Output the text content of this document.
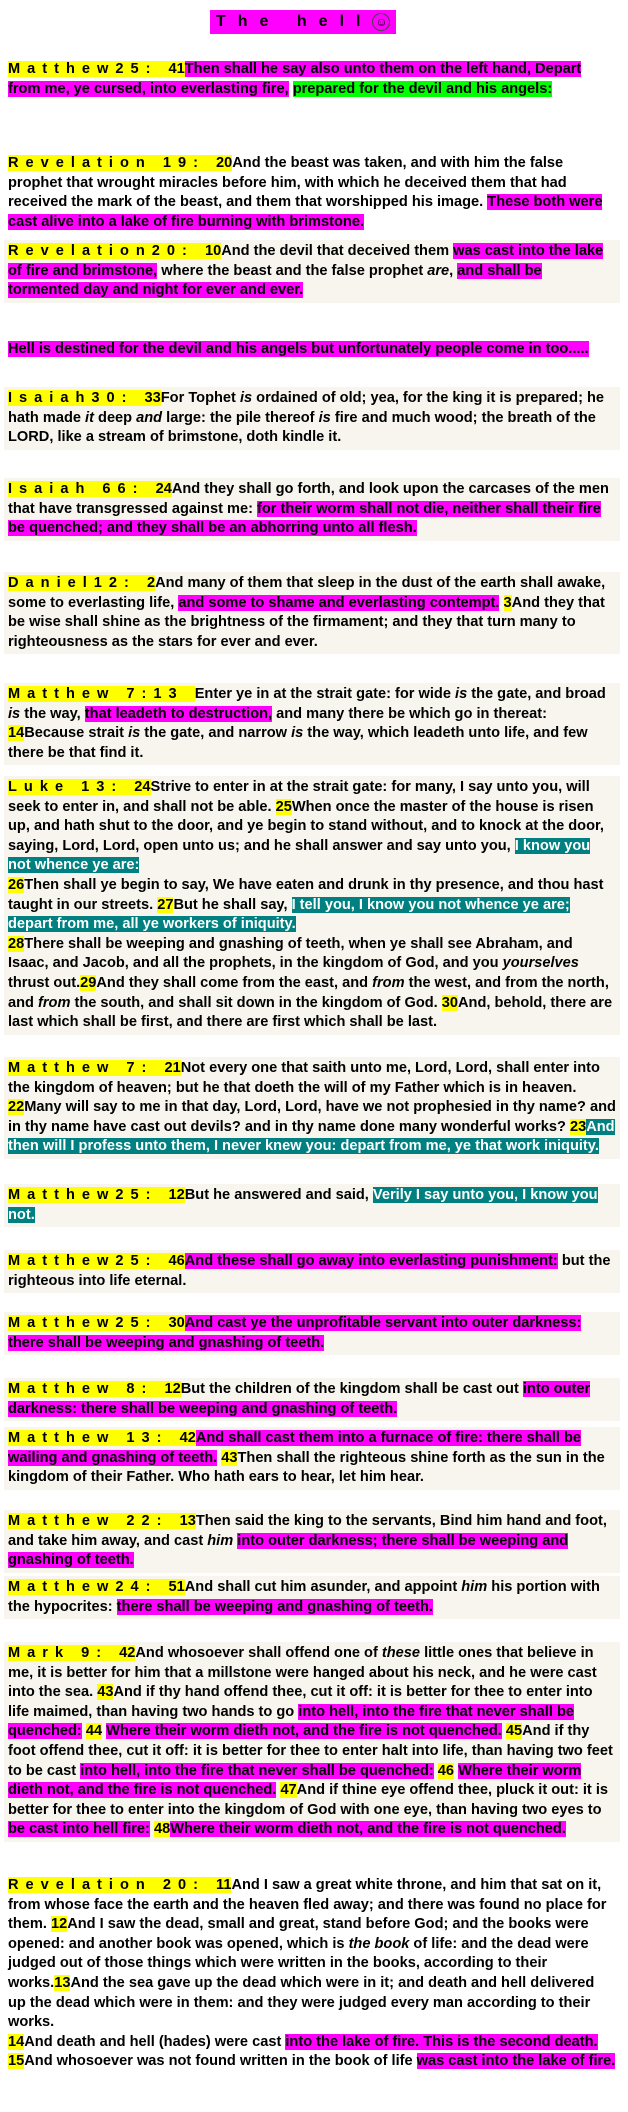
The hell ☺
Matthew25: 41Then shall he say also unto them on the left hand, Depart from me, ye cursed, into everlasting fire, prepared for the devil and his angels:
Revelation 19: 20And the beast was taken, and with him the false prophet that wrought miracles before him, with which he deceived them that had received the mark of the beast, and them that worshipped his image. These both were cast alive into a lake of fire burning with brimstone.
Revelation20: 10And the devil that deceived them was cast into the lake of fire and brimstone, where the beast and the false prophet are, and shall be tormented day and night for ever and ever.
Hell is destined for the devil and his angels but unfortunately people come in too.....
Isaiah30: 33For Tophet is ordained of old; yea, for the king it is prepared; he hath made it deep and large: the pile thereof is fire and much wood; the breath of the LORD, like a stream of brimstone, doth kindle it.
Isaiah 66: 24And they shall go forth, and look upon the carcases of the men that have transgressed against me: for their worm shall not die, neither shall their fire be quenched; and they shall be an abhorring unto all flesh.
Daniel12: 2And many of them that sleep in the dust of the earth shall awake, some to everlasting life, and some to shame and everlasting contempt. 3And they that be wise shall shine as the brightness of the firmament; and they that turn many to righteousness as the stars for ever and ever.
Matthew 7:13 Enter ye in at the strait gate: for wide is the gate, and broad is the way, that leadeth to destruction, and many there be which go in thereat: 14Because strait is the gate, and narrow is the way, which leadeth unto life, and few there be that find it.
Luke 13: 24Strive to enter in at the strait gate: for many, I say unto you, will seek to enter in, and shall not be able. 25When once the master of the house is risen up, and hath shut to the door, and ye begin to stand without, and to knock at the door, saying, Lord, Lord, open unto us; and he shall answer and say unto you, I know you not whence ye are:
26Then shall ye begin to say, We have eaten and drunk in thy presence, and thou hast taught in our streets. 27But he shall say, I tell you, I know you not whence ye are; depart from me, all ye workers of iniquity.
28There shall be weeping and gnashing of teeth, when ye shall see Abraham, and Isaac, and Jacob, and all the prophets, in the kingdom of God, and you yourselves thrust out.29And they shall come from the east, and from the west, and from the north, and from the south, and shall sit down in the kingdom of God. 30And, behold, there are last which shall be first, and there are first which shall be last.
Matthew 7: 21Not every one that saith unto me, Lord, Lord, shall enter into the kingdom of heaven; but he that doeth the will of my Father which is in heaven. 22Many will say to me in that day, Lord, Lord, have we not prophesied in thy name? and in thy name have cast out devils? and in thy name done many wonderful works? 23And then will I profess unto them, I never knew you: depart from me, ye that work iniquity.
Matthew25: 12But he answered and said, Verily I say unto you, I know you not.
Matthew25: 46And these shall go away into everlasting punishment: but the righteous into life eternal.
Matthew25: 30And cast ye the unprofitable servant into outer darkness: there shall be weeping and gnashing of teeth.
Matthew 8: 12But the children of the kingdom shall be cast out into outer darkness: there shall be weeping and gnashing of teeth.
Matthew 13: 42And shall cast them into a furnace of fire: there shall be wailing and gnashing of teeth. 43Then shall the righteous shine forth as the sun in the kingdom of their Father. Who hath ears to hear, let him hear.
Matthew 22: 13Then said the king to the servants, Bind him hand and foot, and take him away, and cast him into outer darkness; there shall be weeping and gnashing of teeth.
Matthew24: 51And shall cut him asunder, and appoint him his portion with the hypocrites: there shall be weeping and gnashing of teeth.
Mark 9: 42And whosoever shall offend one of these little ones that believe in me, it is better for him that a millstone were hanged about his neck, and he were cast into the sea. 43And if thy hand offend thee, cut it off: it is better for thee to enter into life maimed, than having two hands to go into hell, into the fire that never shall be quenched: 44 Where their worm dieth not, and the fire is not quenched. 45And if thy foot offend thee, cut it off: it is better for thee to enter halt into life, than having two feet to be cast into hell, into the fire that never shall be quenched: 46 Where their worm dieth not, and the fire is not quenched. 47And if thine eye offend thee, pluck it out: it is better for thee to enter into the kingdom of God with one eye, than having two eyes to be cast into hell fire: 48Where their worm dieth not, and the fire is not quenched.
Revelation 20: 11And I saw a great white throne, and him that sat on it, from whose face the earth and the heaven fled away; and there was found no place for them. 12And I saw the dead, small and great, stand before God; and the books were opened: and another book was opened, which is the book of life: and the dead were judged out of those things which were written in the books, according to their works.13And the sea gave up the dead which were in it; and death and hell delivered up the dead which were in them: and they were judged every man according to their works.
14And death and hell (hades) were cast into the lake of fire. This is the second death. 15And whosoever was not found written in the book of life was cast into the lake of fire.
